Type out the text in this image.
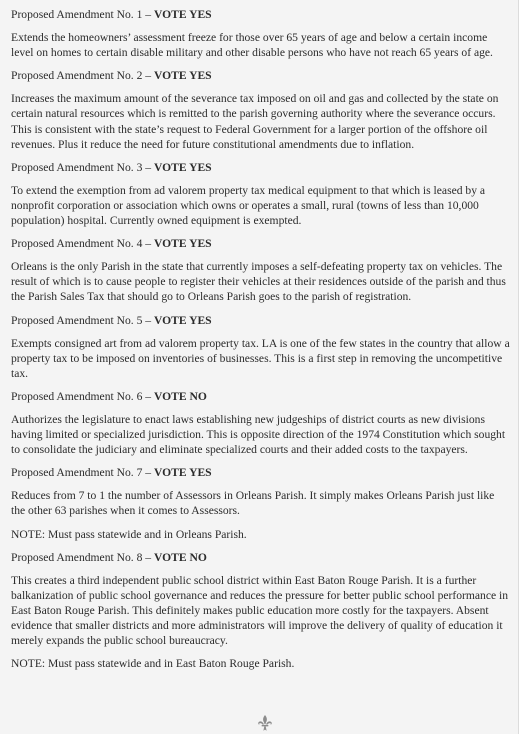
Proposed Amendment No. 1 – VOTE YES
Extends the homeowners’ assessment freeze for those over 65 years of age and below a certain income level on homes to certain disable military and other disable persons who have not reach 65 years of age.
Proposed Amendment No. 2 – VOTE YES
Increases the maximum amount of the severance tax imposed on oil and gas and collected by the state on certain natural resources which is remitted to the parish governing authority where the severance occurs. This is consistent with the state’s request to Federal Government for a larger portion of the offshore oil revenues. Plus it reduce the need for future constitutional amendments due to inflation.
Proposed Amendment No. 3 – VOTE YES
To extend the exemption from ad valorem property tax medical equipment to that which is leased by a nonprofit corporation or association which owns or operates a small, rural (towns of less than 10,000 population) hospital. Currently owned equipment is exempted.
Proposed Amendment No. 4 – VOTE YES
Orleans is the only Parish in the state that currently imposes a self-defeating property tax on vehicles. The result of which is to cause people to register their vehicles at their residences outside of the parish and thus the Parish Sales Tax that should go to Orleans Parish goes to the parish of registration.
Proposed Amendment No. 5 – VOTE YES
Exempts consigned art from ad valorem property tax. LA is one of the few states in the country that allow a property tax to be imposed on inventories of businesses. This is a first step in removing the uncompetitive tax.
Proposed Amendment No. 6 – VOTE NO
Authorizes the legislature to enact laws establishing new judgeships of district courts as new divisions having limited or specialized jurisdiction. This is opposite direction of the 1974 Constitution which sought to consolidate the judiciary and eliminate specialized courts and their added costs to the taxpayers.
Proposed Amendment No. 7 – VOTE YES
Reduces from 7 to 1 the number of Assessors in Orleans Parish. It simply makes Orleans Parish just like the other 63 parishes when it comes to Assessors.
NOTE: Must pass statewide and in Orleans Parish.
Proposed Amendment No. 8 – VOTE NO
This creates a third independent public school district within East Baton Rouge Parish. It is a further balkanization of public school governance and reduces the pressure for better public school performance in East Baton Rouge Parish. This definitely makes public education more costly for the taxpayers. Absent evidence that smaller districts and more administrators will improve the delivery of quality of education it merely expands the public school bureaucracy.
NOTE: Must pass statewide and in East Baton Rouge Parish.
